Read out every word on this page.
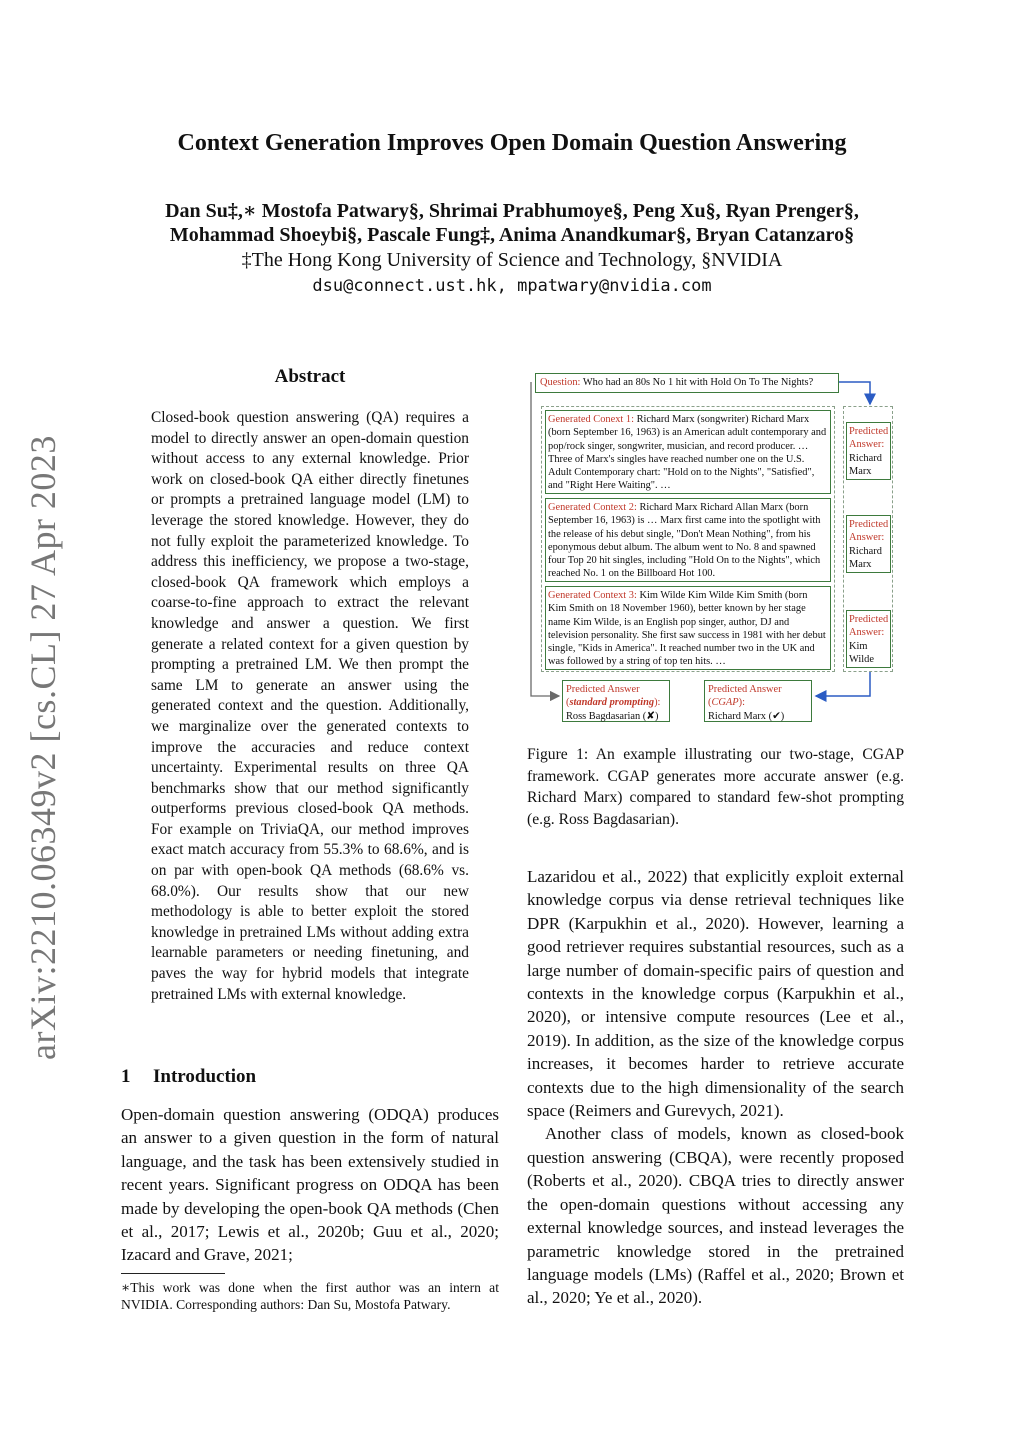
arXiv:2210.06349v2 [cs.CL] 27 Apr 2023
Context Generation Improves Open Domain Question Answering
Dan Su‡,∗ Mostofa Patwary§, Shrimai Prabhumoye§, Peng Xu§, Ryan Prenger§,
Mohammad Shoeybi§, Pascale Fung‡, Anima Anandkumar§, Bryan Catanzaro§
‡The Hong Kong University of Science and Technology, §NVIDIA
dsu@connect.ust.hk, mpatwary@nvidia.com
Abstract
Closed-book question answering (QA) requires a model to directly answer an open-domain question without access to any external knowledge. Prior work on closed-book QA either directly finetunes or prompts a pretrained language model (LM) to leverage the stored knowledge. However, they do not fully exploit the parameterized knowledge. To address this inefficiency, we propose a two-stage, closed-book QA framework which employs a coarse-to-fine approach to extract the relevant knowledge and answer a question. We first generate a related context for a given question by prompting a pretrained LM. We then prompt the same LM to generate an answer using the generated context and the question. Additionally, we marginalize over the generated contexts to improve the accuracies and reduce context uncertainty. Experimental results on three QA benchmarks show that our method significantly outperforms previous closed-book QA methods. For example on TriviaQA, our method improves exact match accuracy from 55.3% to 68.6%, and is on par with open-book QA methods (68.6% vs. 68.0%). Our results show that our new methodology is able to better exploit the stored knowledge in pretrained LMs without adding extra learnable parameters or needing finetuning, and paves the way for hybrid models that integrate pretrained LMs with external knowledge.
1 Introduction
Open-domain question answering (ODQA) produces an answer to a given question in the form of natural language, and the task has been extensively studied in recent years. Significant progress on ODQA has been made by developing the open-book QA methods (Chen et al., 2017; Lewis et al., 2020b; Guu et al., 2020; Izacard and Grave, 2021;
∗This work was done when the first author was an intern at NVIDIA. Corresponding authors: Dan Su, Mostofa Patwary.
Question: Who had an 80s No 1 hit with Hold On To The Nights?
Generated Conext 1: Richard Marx (songwriter) Richard Marx (born September 16, 1963) is an American adult contemporary and pop/rock singer, songwriter, musician, and record producer. … Three of Marx's singles have reached number one on the U.S. Adult Contemporary chart: "Hold on to the Nights", "Satisfied", and "Right Here Waiting". …
Generated Context 2: Richard Marx Richard Allan Marx (born September 16, 1963) is … Marx first came into the spotlight with the release of his debut single, "Don't Mean Nothing", from his eponymous debut album. The album went to No. 8 and spawned four Top 20 hit singles, including "Hold On to the Nights", which reached No. 1 on the Billboard Hot 100.
Generated Context 3: Kim Wilde Kim Wilde Kim Smith (born Kim Smith on 18 November 1960), better known by her stage name Kim Wilde, is an English pop singer, author, DJ and television personality. She first saw success in 1981 with her debut single, "Kids in America". It reached number two in the UK and was followed by a string of top ten hits. …
Predicted Answer:
Richard Marx
Predicted Answer:
Richard Marx
Predicted Answer:
Kim Wilde
Predicted Answer
(standard prompting):
Ross Bagdasarian (✘)
Predicted Answer
(CGAP):
Richard Marx (✔)
Figure 1: An example illustrating our two-stage, CGAP framework. CGAP generates more accurate answer (e.g. Richard Marx) compared to standard few-shot prompting (e.g. Ross Bagdasarian).

Lazaridou et al., 2022) that explicitly exploit external knowledge corpus via dense retrieval techniques like DPR (Karpukhin et al., 2020). However, learning a good retriever requires substantial resources, such as a large number of domain-specific pairs of question and contexts in the knowledge corpus (Karpukhin et al., 2020), or intensive compute resources (Lee et al., 2019). In addition, as the size of the knowledge corpus increases, it becomes harder to retrieve accurate contexts due to the high dimensionality of the search space (Reimers and Gurevych, 2021).

Another class of models, known as closed-book question answering (CBQA), were recently proposed (Roberts et al., 2020). CBQA tries to directly answer the open-domain questions without accessing any external knowledge sources, and instead leverages the parametric knowledge stored in the pretrained language models (LMs) (Raffel et al., 2020; Brown et al., 2020; Ye et al., 2020).
